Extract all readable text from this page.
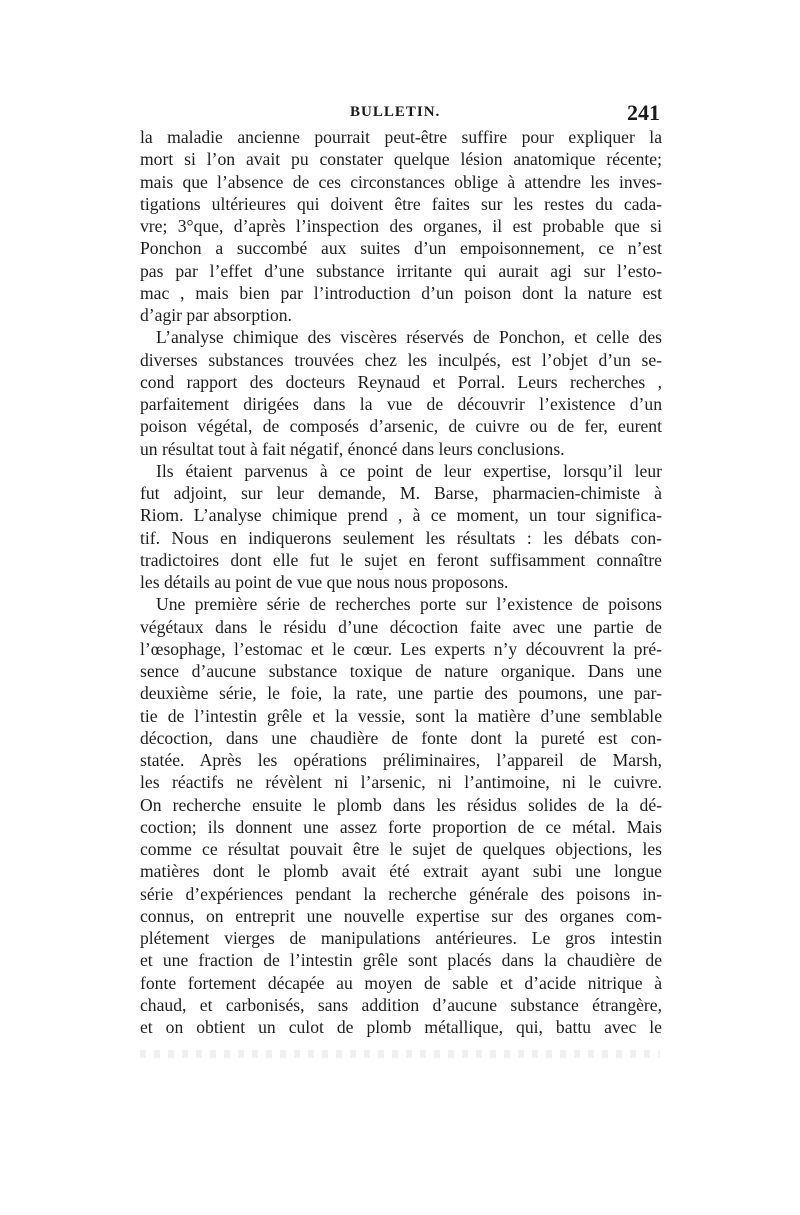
BULLETIN.	241
la maladie ancienne pourrait peut-être suffire pour expliquer la
mort si l’on avait pu constater quelque lésion anatomique récente;
mais que l’absence de ces circonstances oblige à attendre les inves-
tigations ultérieures qui doivent être faites sur les restes du cada-
vre; 3°que, d’après l’inspection des organes, il est probable que si
Ponchon a succombé aux suites d’un empoisonnement, ce n’est
pas par l’effet d’une substance irritante qui aurait agi sur l’esto-
mac , mais bien par l’introduction d’un poison dont la nature est
d’agir par absorption.
L’analyse chimique des viscères réservés de Ponchon, et celle des
diverses substances trouvées chez les inculpés, est l’objet d’un se-
cond rapport des docteurs Reynaud et Porral. Leurs recherches ,
parfaitement dirigées dans la vue de découvrir l’existence d’un
poison végétal, de composés d’arsenic, de cuivre ou de fer, eurent
un résultat tout à fait négatif, énoncé dans leurs conclusions.
Ils étaient parvenus à ce point de leur expertise, lorsqu’il leur
fut adjoint, sur leur demande, M. Barse, pharmacien-chimiste à
Riom. L’analyse chimique prend , à ce moment, un tour significa-
tif. Nous en indiquerons seulement les résultats : les débats con-
tradictoires dont elle fut le sujet en feront suffisamment connaître
les détails au point de vue que nous nous proposons.
Une première série de recherches porte sur l’existence de poisons
végétaux dans le résidu d’une décoction faite avec une partie de
l’œsophage, l’estomac et le cœur. Les experts n’y découvrent la pré-
sence d’aucune substance toxique de nature organique. Dans une
deuxième série, le foie, la rate, une partie des poumons, une par-
tie de l’intestin grêle et la vessie, sont la matière d’une semblable
décoction, dans une chaudière de fonte dont la pureté est con-
statée. Après les opérations préliminaires, l’appareil de Marsh,
les réactifs ne révèlent ni l’arsenic, ni l’antimoine, ni le cuivre.
On recherche ensuite le plomb dans les résidus solides de la dé-
coction; ils donnent une assez forte proportion de ce métal. Mais
comme ce résultat pouvait être le sujet de quelques objections, les
matières dont le plomb avait été extrait ayant subi une longue
série d’expériences pendant la recherche générale des poisons in-
connus, on entreprit une nouvelle expertise sur des organes com-
plétement vierges de manipulations antérieures. Le gros intestin
et une fraction de l’intestin grêle sont placés dans la chaudière de
fonte fortement décapée au moyen de sable et d’acide nitrique à
chaud, et carbonisés, sans addition d’aucune substance étrangère,
et on obtient un culot de plomb métallique, qui, battu avec le
